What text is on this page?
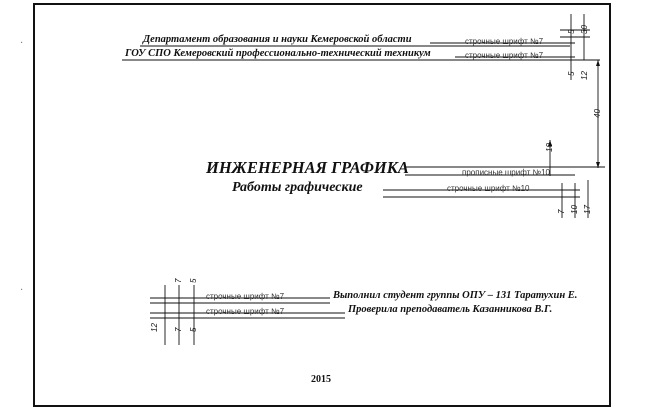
·
·
Департамент образования и науки Кемеровской области	строчные шрифт №7
ГОУ СПО Кемеровский профессионально-технический техникум	строчные шрифт №7
ИНЖЕНЕРНАЯ ГРАФИКА	прописные шрифт №10
Работы графические	строчные шрифт №10
строчные шрифт №7	Выполнил студент группы ОПУ – 131 Таратухин Е.
строчные шрифт №7	Проверила преподаватель Казанникова В.Г.
2015
5 30
5 12
40
10
7 10 17
7 5
12 7 5
